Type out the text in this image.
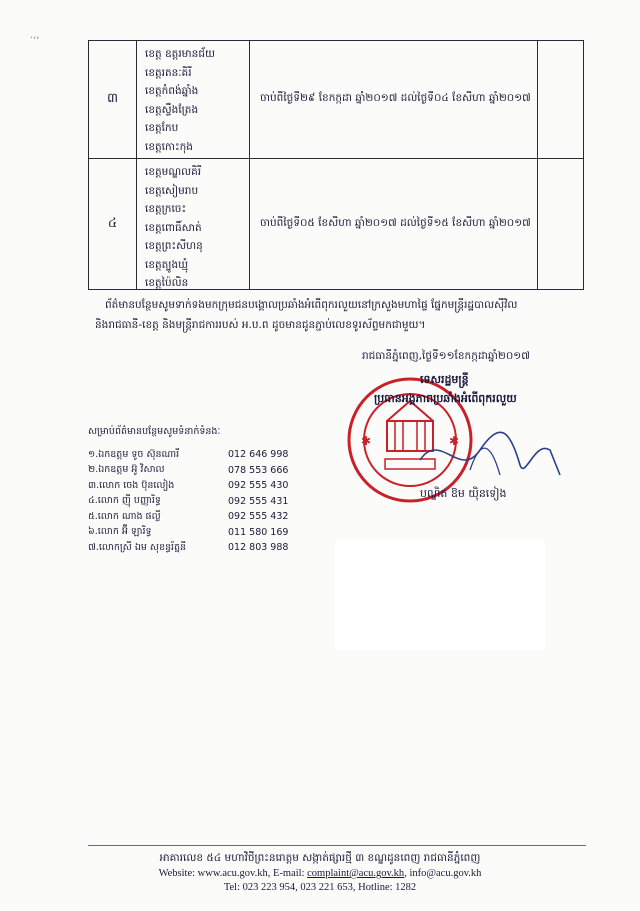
.,,
៣
ខេត្ត ឧត្តរមានជ័យ
ខេត្តរតនៈគិរី
ខេត្តកំពង់ឆ្នាំង
ខេត្តស្ទឹងត្រែង
ខេត្តកែប
ខេត្តកោះកុង
ចាប់ពីថ្ងៃទី២៩ ខែកក្កដា ឆ្នាំ២០១៧ ដល់ថ្ងៃទី០៤ ខែសីហា ឆ្នាំ២០១៧
៤
ខេត្តមណ្ឌលគិរី
ខេត្តសៀមរាប
ខេត្តក្រចេះ
ខេត្តពោធិ៍សាត់
ខេត្តព្រះសីហនុ
ខេត្តត្បូងឃ្មុំ
ខេត្តប៉ៃលិន
ចាប់ពីថ្ងៃទី០៥ ខែសីហា ឆ្នាំ២០១៧ ដល់ថ្ងៃទី១៥ ខែសីហា ឆ្នាំ២០១៧
ព័ត៌មានបន្ថែមសូមទាក់ទងមកក្រុមជនបង្គោលប្រឆាំងអំពើពុករលួយនៅក្រសួងមហាផ្ទៃ ផ្នែកមន្ត្រីរដ្ឋបាលស៊ីវិល
និងរាជធានី-ខេត្ត និងមន្ត្រីរាជការរបស់ អ.ប.ព ដូចមានជូនភ្ជាប់លេខទូរស័ព្ទមកជាមួយ។
រាជធានីភ្នំពេញ,ថ្ងៃទី១១ខែកក្កដាឆ្នាំ២០១៧
✱	✱
ទេសរដ្ឋមន្ត្រី
ប្រធានអង្គភាពប្រឆាំងអំពើពុករលួយ
បណ្ឌិត ឱម យ៉ិនទៀង
សម្រាប់ព័ត៌មានបន្ថែមសូមទំនាក់ទំនងៈ
១.ឯកឧត្តម ទូច ស៊ុនណារី	012 646 998
២.ឯកឧត្តម អ៊ូ វិសាល	078 553 666
៣.លោក ចេង ប៊ុនលៀង	092 555 430
៤.លោក ញ៉ី បញ្ញារិទ្ធ	092 555 431
៥.លោក ណាង ផល្លី	092 555 432
៦.លោក អ៊ី ឡារិទ្ធ	011 580 169
៧.លោកស្រី ឯម សុខន្ធរ័ត្ននី	012 803 988
អាគារលេខ ៥៤ មហាវិថីព្រះនរោត្តម សង្កាត់ផ្សារថ្មី ៣ ខណ្ឌដូនពេញ រាជធានីភ្នំពេញ
Website: www.acu.gov.kh, E-mail: complaint@acu.gov.kh, info@acu.gov.kh
Tel: 023 223 954, 023 221 653, Hotline: 1282
